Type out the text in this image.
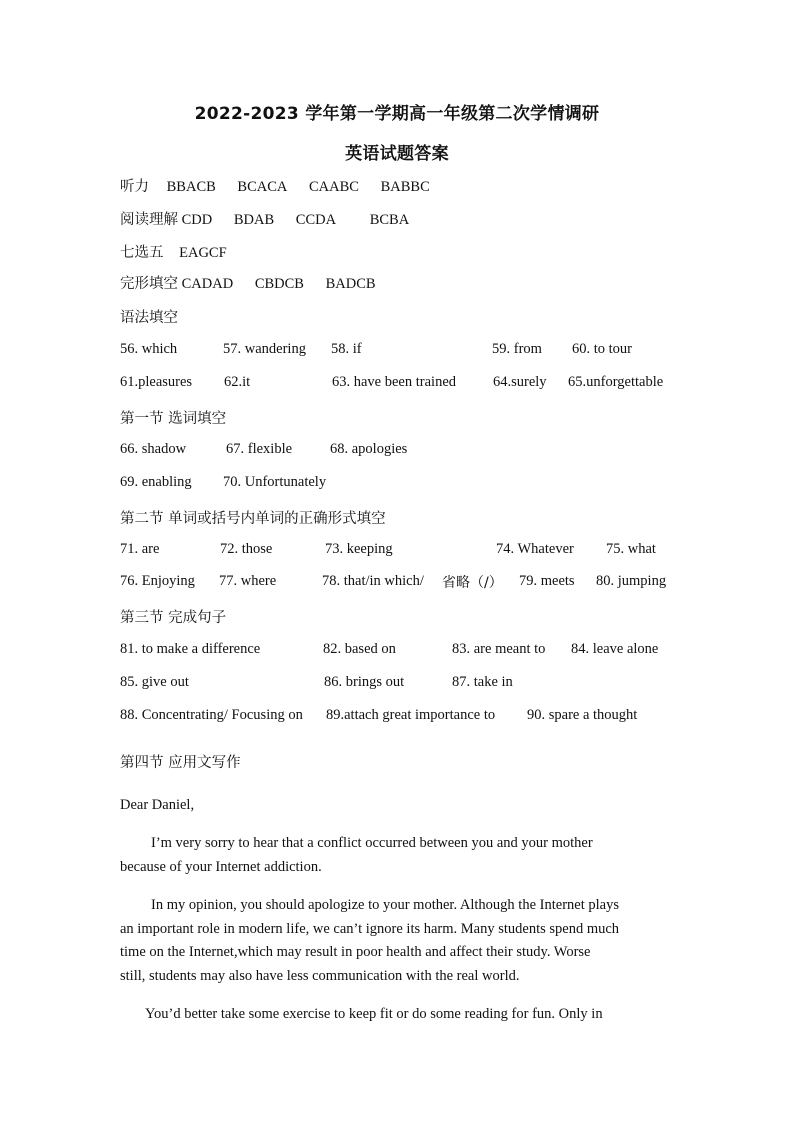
2022-2023 学年第一学期高一年级第二次学情调研
英语试题答案
听力 BBACB BCACA CAABC BABBC
阅读理解 CDD BDAB CCDA BCBA
七选五 EAGCF
完形填空 CADAD CBDCB BADCB
语法填空
56. which	57. wandering 58. if	59. from 60. to tour
61.pleasures 62.it	63. have been trained	64.surely 65.unforgettable
第一节 选词填空
66. shadow	67. flexible	68. apologies
69. enabling 70. Unfortunately
第二节 单词或括号内单词的正确形式填空
71. are	72. those	73. keeping	74. Whatever 75. what
76. Enjoying 77. where	78. that/in which/ 省略（/） 79. meets 80. jumping
第三节 完成句子
81. to make a difference	82. based on	83. are meant to 84. leave alone
85. give out	86. brings out	87. take in
88. Concentrating/ Focusing on 89.attach great importance to 90. spare a thought
第四节 应用文写作
Dear Daniel,
I’m very sorry to hear that a conflict occurred between you and your mother
because of your Internet addiction.
In my opinion, you should apologize to your mother. Although the Internet plays
an important role in modern life, we can’t ignore its harm. Many students spend much
time on the Internet,which may result in poor health and affect their study. Worse
still, students may also have less communication with the real world.
You’d better take some exercise to keep fit or do some reading for fun. Only in
